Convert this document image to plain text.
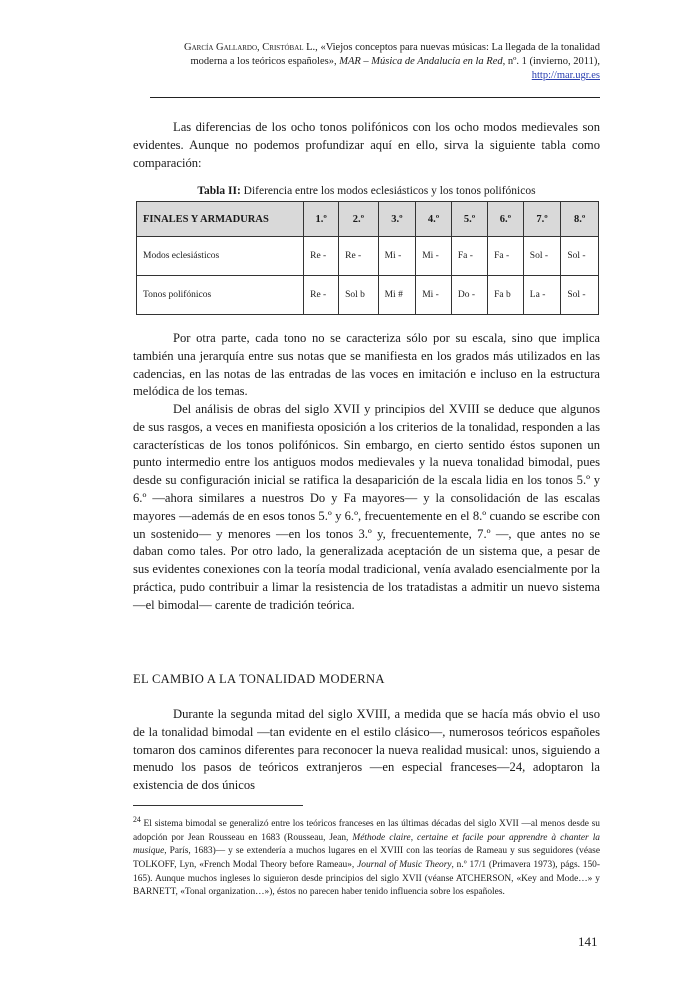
García Gallardo, Cristóbal L., «Viejos conceptos para nuevas músicas: La llegada de la tonalidad moderna a los teóricos españoles», MAR – Música de Andalucía en la Red, nº. 1 (invierno, 2011), http://mar.ugr.es
Las diferencias de los ocho tonos polifónicos con los ocho modos medievales son evidentes. Aunque no podemos profundizar aquí en ello, sirva la siguiente tabla como comparación:
Tabla II: Diferencia entre los modos eclesiásticos y los tonos polifónicos
FINALES Y ARMADURAS	1.º	2.º	3.º	4.º	5.º	6.º	7.º	8.º
Modos eclesiásticos	Re -	Re -	Mi -	Mi -	Fa -	Fa -	Sol -	Sol -
Tonos polifónicos	Re -	Sol b	Mi #	Mi -	Do -	Fa b	La -	Sol -
Por otra parte, cada tono no se caracteriza sólo por su escala, sino que implica también una jerarquía entre sus notas que se manifiesta en los grados más utilizados en las cadencias, en las notas de las entradas de las voces en imitación e incluso en la estructura melódica de los temas.
Del análisis de obras del siglo XVII y principios del XVIII se deduce que algunos de sus rasgos, a veces en manifiesta oposición a los criterios de la tonalidad, responden a las características de los tonos polifónicos. Sin embargo, en cierto sentido éstos suponen un punto intermedio entre los antiguos modos medievales y la nueva tonalidad bimodal, pues desde su configuración inicial se ratifica la desaparición de la escala lidia en los tonos 5.º y 6.º —ahora similares a nuestros Do y Fa mayores— y la consolidación de las escalas mayores —además de en esos tonos 5.º y 6.º, frecuentemente en el 8.º cuando se escribe con un sostenido— y menores —en los tonos 3.º y, frecuentemente, 7.º —, que antes no se daban como tales. Por otro lado, la generalizada aceptación de un sistema que, a pesar de sus evidentes conexiones con la teoría modal tradicional, venía avalado esencialmente por la práctica, pudo contribuir a limar la resistencia de los tratadistas a admitir un nuevo sistema —el bimodal— carente de tradición teórica.
EL CAMBIO A LA TONALIDAD MODERNA
Durante la segunda mitad del siglo XVIII, a medida que se hacía más obvio el uso de la tonalidad bimodal —tan evidente en el estilo clásico—, numerosos teóricos españoles tomaron dos caminos diferentes para reconocer la nueva realidad musical: unos, siguiendo a menudo los pasos de teóricos extranjeros —en especial franceses—24, adoptaron la existencia de dos únicos
$^{24}$ El sistema bimodal se generalizó entre los teóricos franceses en las últimas décadas del siglo XVII —al menos desde su adopción por Jean Rousseau en 1683 (Rousseau, Jean, Méthode claire, certaine et facile pour apprendre à chanter la musique, París, 1683)— y se extendería a muchos lugares en el XVIII con las teorías de Rameau y sus seguidores (véase TOLKOFF, Lyn, «French Modal Theory before Rameau», Journal of Music Theory, n.º 17/1 (Primavera 1973), págs. 150-165). Aunque muchos ingleses lo siguieron desde principios del siglo XVII (véanse ATCHERSON, «Key and Mode…» y BARNETT, «Tonal organization…»), éstos no parecen haber tenido influencia sobre los españoles.
141
